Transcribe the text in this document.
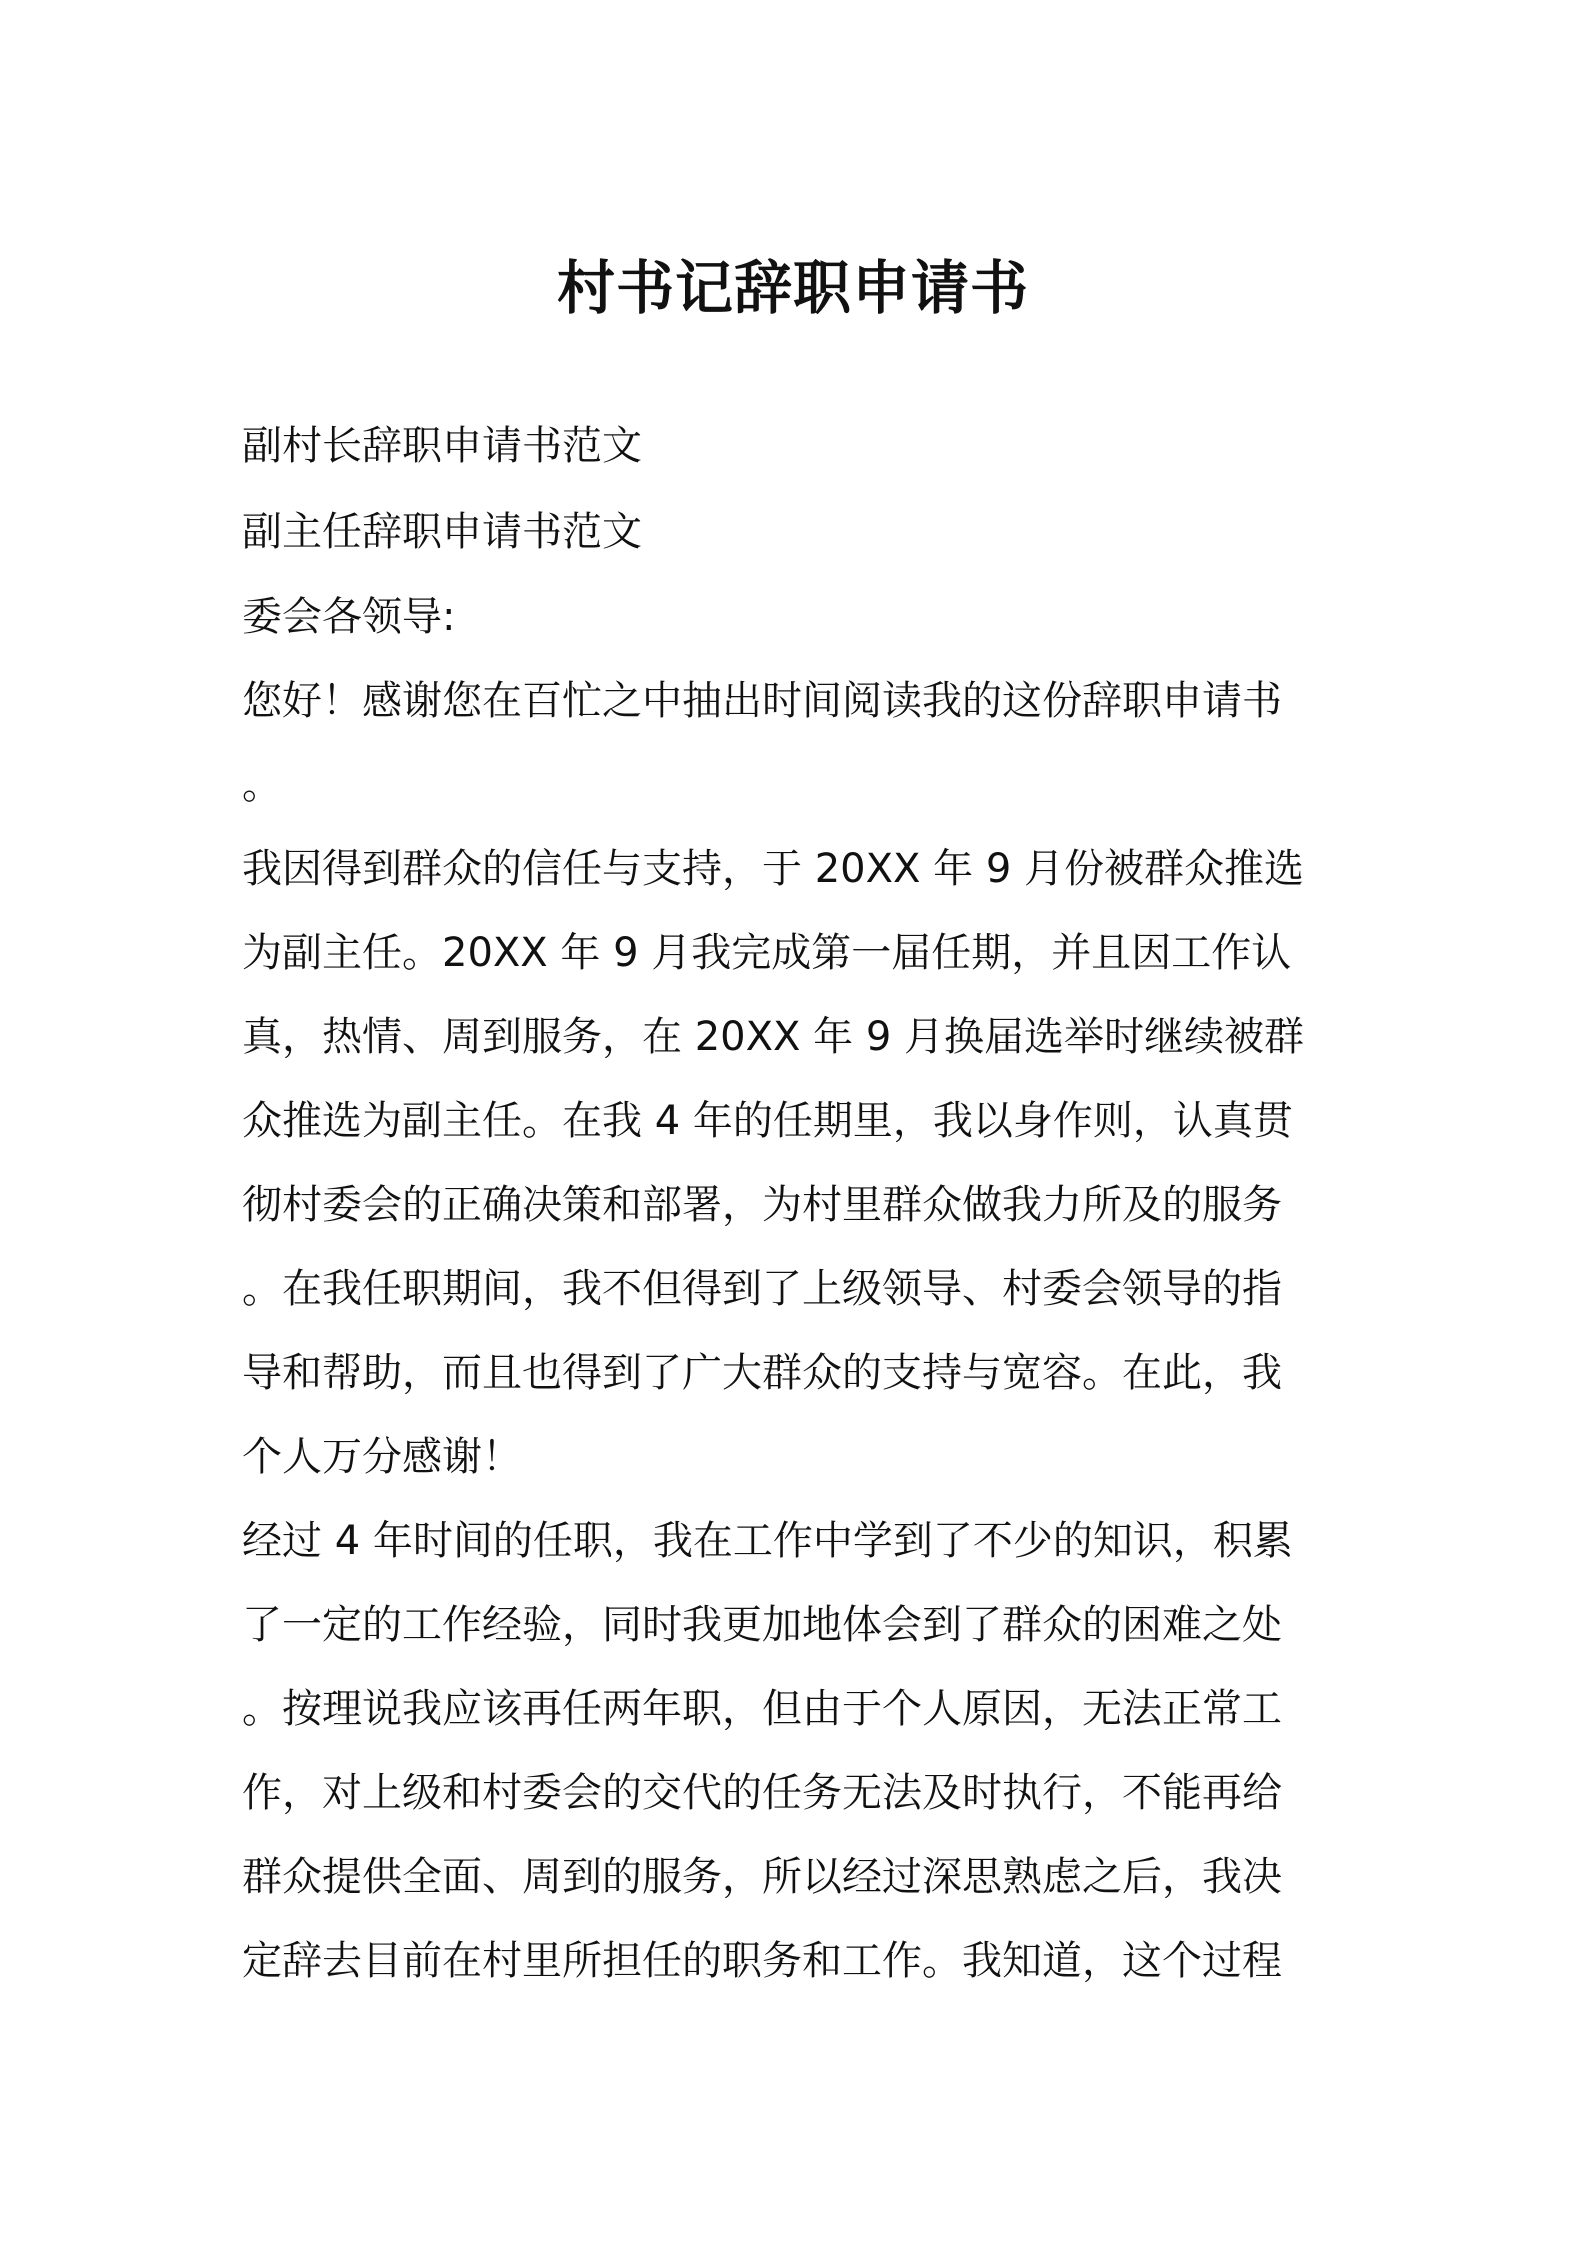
村书记辞职申请书

副村长辞职申请书范文

副主任辞职申请书范文

委会各领导:

您好！感谢您在百忙之中抽出时间阅读我的这份辞职申请书

。

我因得到群众的信任与支持，于 20XX 年 9 月份被群众推选

为副主任。20XX 年 9 月我完成第一届任期，并且因工作认

真，热情、周到服务，在 20XX 年 9 月换届选举时继续被群

众推选为副主任。在我 4 年的任期里，我以身作则，认真贯

彻村委会的正确决策和部署，为村里群众做我力所及的服务

。在我任职期间，我不但得到了上级领导、村委会领导的指

导和帮助，而且也得到了广大群众的支持与宽容。在此，我

个人万分感谢！

经过 4 年时间的任职，我在工作中学到了不少的知识，积累

了一定的工作经验，同时我更加地体会到了群众的困难之处

。按理说我应该再任两年职，但由于个人原因，无法正常工

作，对上级和村委会的交代的任务无法及时执行，不能再给

群众提供全面、周到的服务，所以经过深思熟虑之后，我决

定辞去目前在村里所担任的职务和工作。我知道，这个过程
